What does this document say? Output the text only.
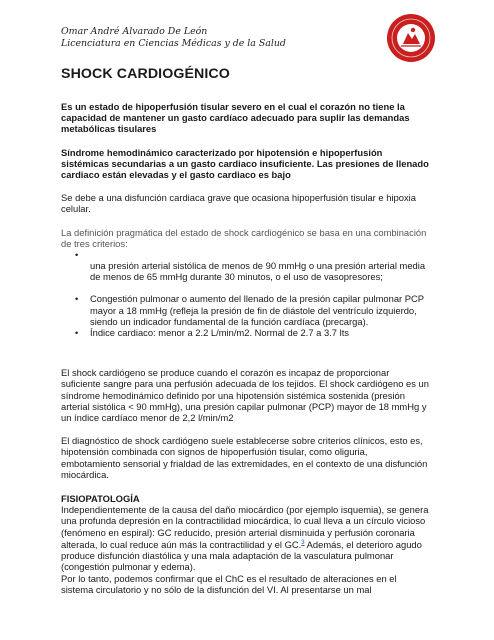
Omar André Alvarado De León
Licenciatura en Ciencias Médicas y de la Salud
SHOCK CARDIOGÉNICO

Es un estado de hipoperfusión tisular severo en el cual el corazón no tiene la capacidad de mantener un gasto cardíaco adecuado para suplir las demandas metabólicas tisulares

Síndrome hemodinámico caracterizado por hipotensión e hipoperfusión sistémicas secundarias a un gasto cardiaco insuficiente. Las presiones de llenado cardiaco están elevadas y el gasto cardiaco es bajo

Se debe a una disfunción cardiaca grave que ocasiona hipoperfusión tisular e hipoxia celular.

La definición pragmática del estado de shock cardiogénico se basa en una combinación de tres criterios:

•
una presión arterial sistólica de menos de 90 mmHg o una presión arterial media de menos de 65 mmHg durante 30 minutos, o el uso de vasopresores;
• Congestión pulmonar o aumento del llenado de la presión capilar pulmonar PCP mayor a 18 mmHg (refleja la presión de fin de diástole del ventrículo izquierdo, siendo un indicador fundamental de la función cardíaca (precarga).
• Índice cardiaco: menor a 2.2 L/min/m2. Normal de 2.7 a 3.7 lts

El shock cardiógeno se produce cuando el corazón es incapaz de proporcionar suficiente sangre para una perfusión adecuada de los tejidos. El shock cardiógeno es un síndrome hemodinámico definido por una hipotensión sistémica sostenida (presión arterial sistólica < 90 mmHg), una presión capilar pulmonar (PCP) mayor de 18 mmHg y un índice cardíaco menor de 2,2 l/min/m2

El diagnóstico de shock cardiógeno suele establecerse sobre criterios clínicos, esto es, hipotensión combinada con signos de hipoperfusión tisular, como oliguria, embotamiento sensorial y frialdad de las extremidades, en el contexto de una disfunción miocárdica.

FISIOPATOLOGÍA

Independientemente de la causa del daño miocárdico (por ejemplo isquemia), se genera una profunda depresión en la contractilidad miocárdica, lo cual lleva a un círculo vicioso (fenómeno en espiral): GC reducido, presión arterial disminuida y perfusión coronaria alterada, lo cual reduce aún más la contractilidad y el GC.$^3$ Además, el deterioro agudo produce disfunción diastólica y una mala adaptación de la vasculatura pulmonar (congestión pulmonar y edema).

Por lo tanto, podemos confirmar que el ChC es el resultado de alteraciones en el sistema circulatorio y no sólo de la disfunción del VI. Al presentarse un mal
